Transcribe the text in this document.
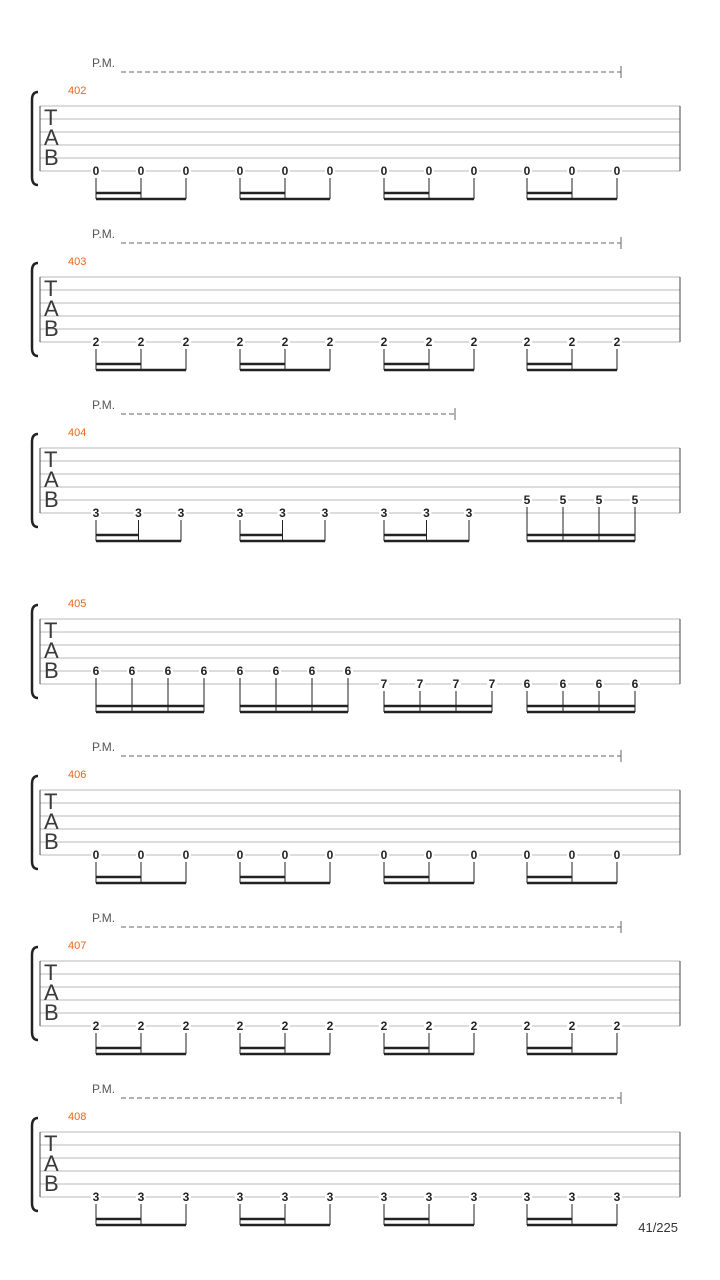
P.M.
402
T
A
B
0	0	0	0	0	0	0	0	0	0	0	0
P.M.
403
T
A
B
2	2	2	2	2	2	2	2	2	2	2	2
P.M.
404
T
A
B
3	3	3	3	3	3	3	3	3
5 5 5 5
405
T
A
B	6 6 6 6 6 6 6 6
7 7 7 7 6 6 6 6
P.M.
406
T
A
B
0	0	0	0	0	0	0	0	0	0	0	0
P.M.
407
T
A
B
2	2	2	2	2	2	2	2	2	2	2	2
P.M.
408
T
A
B
3	3	3	3	3	3	3	3	3	3	3	3
41/225
